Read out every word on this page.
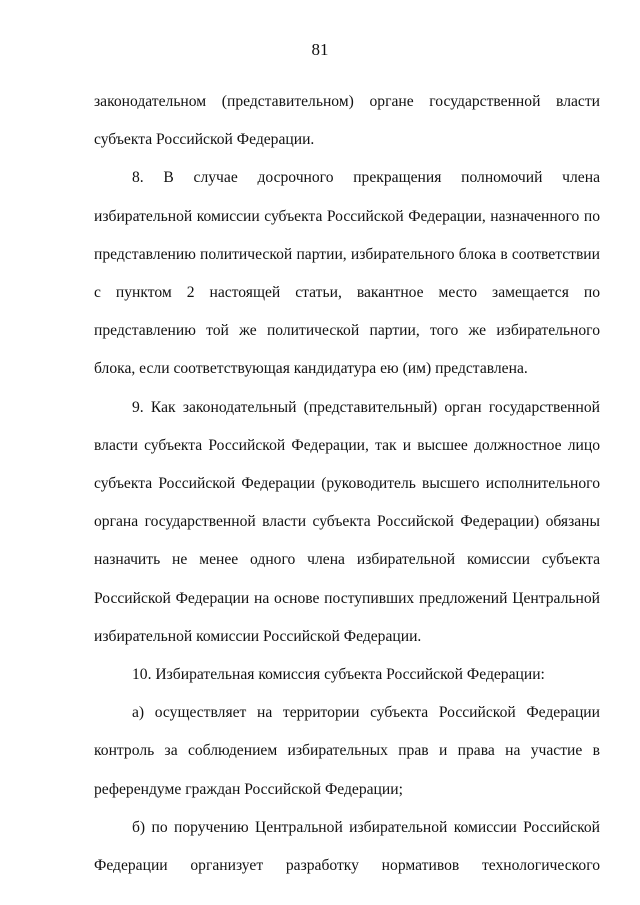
81

законодательном (представительном) органе государственной власти субъекта Российской Федерации.

8. В случае досрочного прекращения полномочий члена избирательной комиссии субъекта Российской Федерации, назначенного по представлению политической партии, избирательного блока в соответствии с пунктом 2 настоящей статьи, вакантное место замещается по представлению той же политической партии, того же избирательного блока, если соответствующая кандидатура ею (им) представлена.

9. Как законодательный (представительный) орган государственной власти субъекта Российской Федерации, так и высшее должностное лицо субъекта Российской Федерации (руководитель высшего исполнительного органа государственной власти субъекта Российской Федерации) обязаны назначить не менее одного члена избирательной комиссии субъекта Российской Федерации на основе поступивших предложений Центральной избирательной комиссии Российской Федерации.

10. Избирательная комиссия субъекта Российской Федерации:

а) осуществляет на территории субъекта Российской Федерации контроль за соблюдением избирательных прав и права на участие в референдуме граждан Российской Федерации;

б) по поручению Центральной избирательной комиссии Российской Федерации организует разработку нормативов технологического
